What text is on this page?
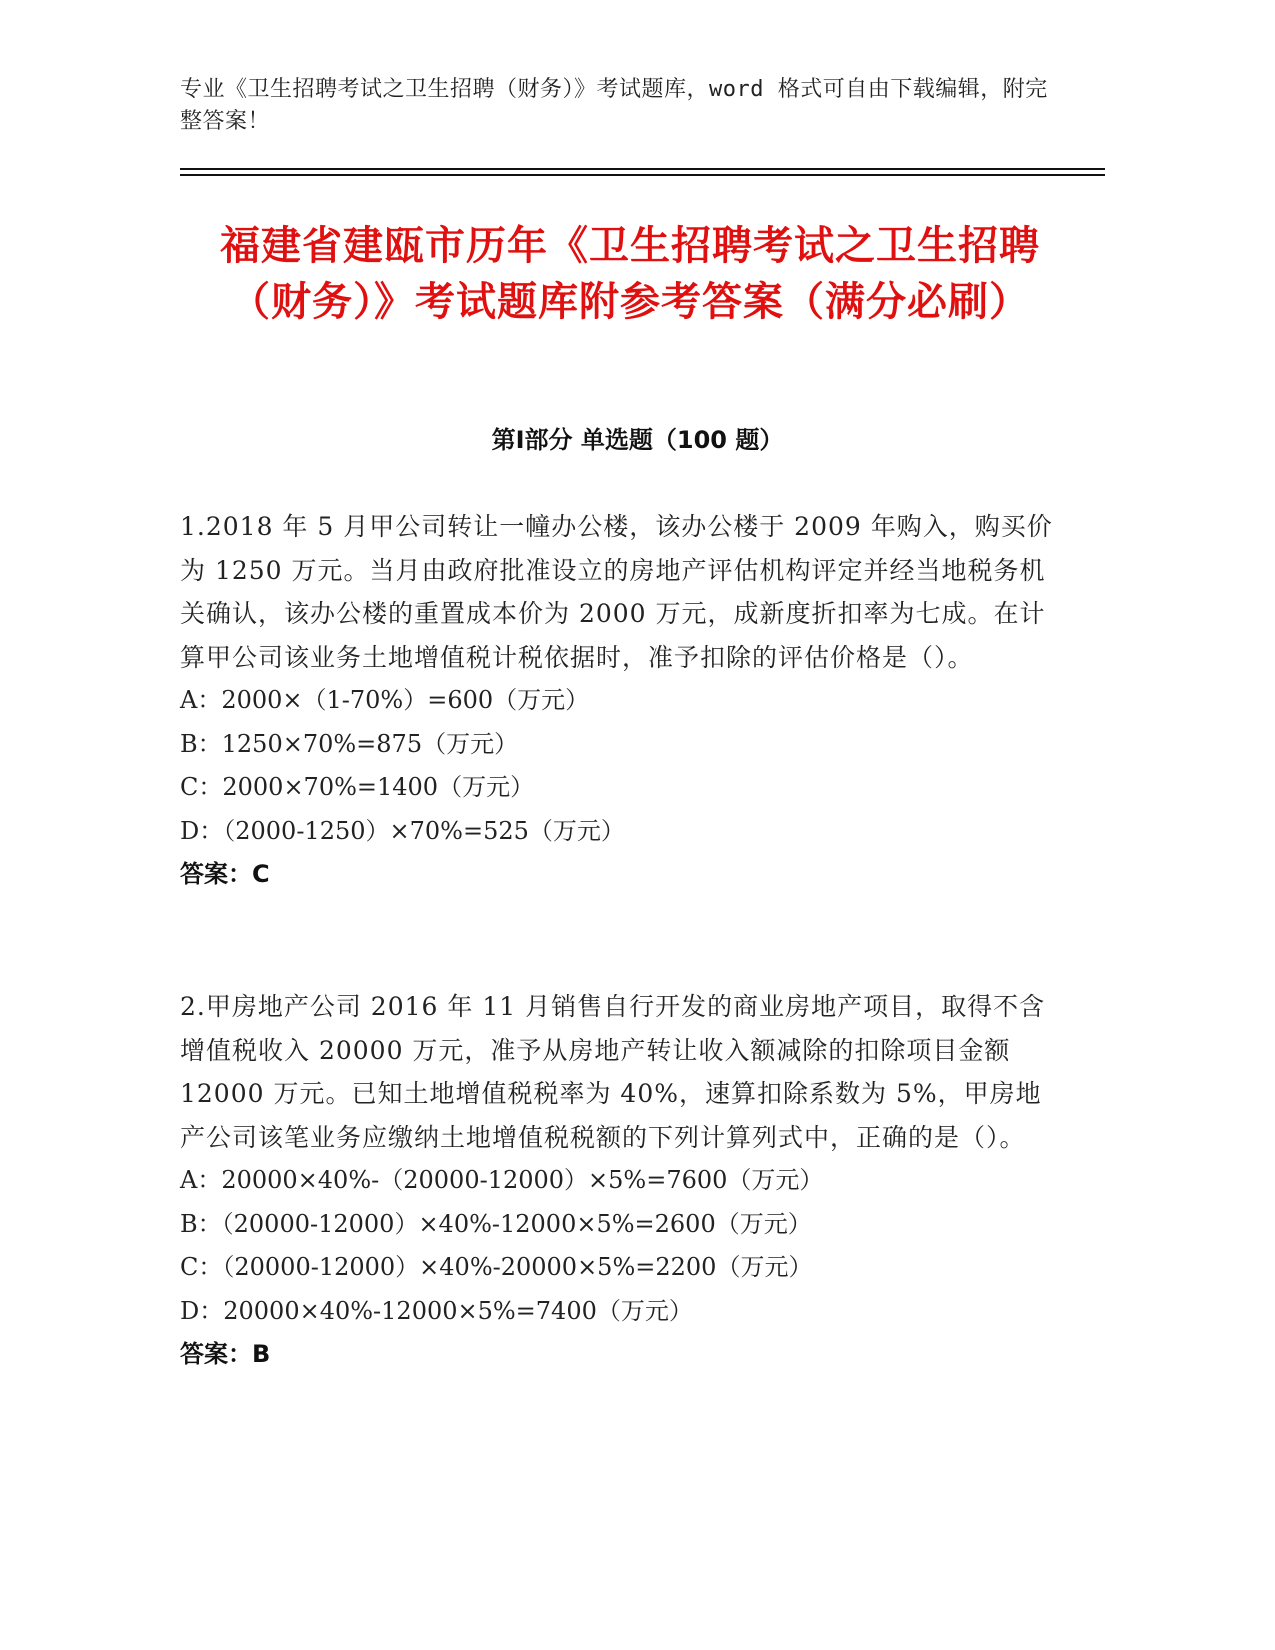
专业《卫生招聘考试之卫生招聘（财务）》考试题库，word 格式可自由下载编辑，附完整答案！
福建省建瓯市历年《卫生招聘考试之卫生招聘（财务）》考试题库附参考答案（满分必刷）
第Ⅰ部分 单选题（100 题）

1.2018 年 5 月甲公司转让一幢办公楼，该办公楼于 2009 年购入，购买价为 1250 万元。当月由政府批准设立的房地产评估机构评定并经当地税务机关确认，该办公楼的重置成本价为 2000 万元，成新度折扣率为七成。在计算甲公司该业务土地增值税计税依据时，准予扣除的评估价格是（）。

A：2000×（1-70%）=600（万元）

B：1250×70%=875（万元）

C：2000×70%=1400（万元）

D：（2000-1250）×70%=525（万元）

答案：C

2.甲房地产公司 2016 年 11 月销售自行开发的商业房地产项目，取得不含增值税收入 20000 万元，准予从房地产转让收入额减除的扣除项目金额 12000 万元。已知土地增值税税率为 40%，速算扣除系数为 5%，甲房地产公司该笔业务应缴纳土地增值税税额的下列计算列式中，正确的是（）。

A：20000×40%-（20000-12000）×5%=7600（万元）

B：（20000-12000）×40%-12000×5%=2600（万元）

C：（20000-12000）×40%-20000×5%=2200（万元）

D：20000×40%-12000×5%=7400（万元）

答案：B
